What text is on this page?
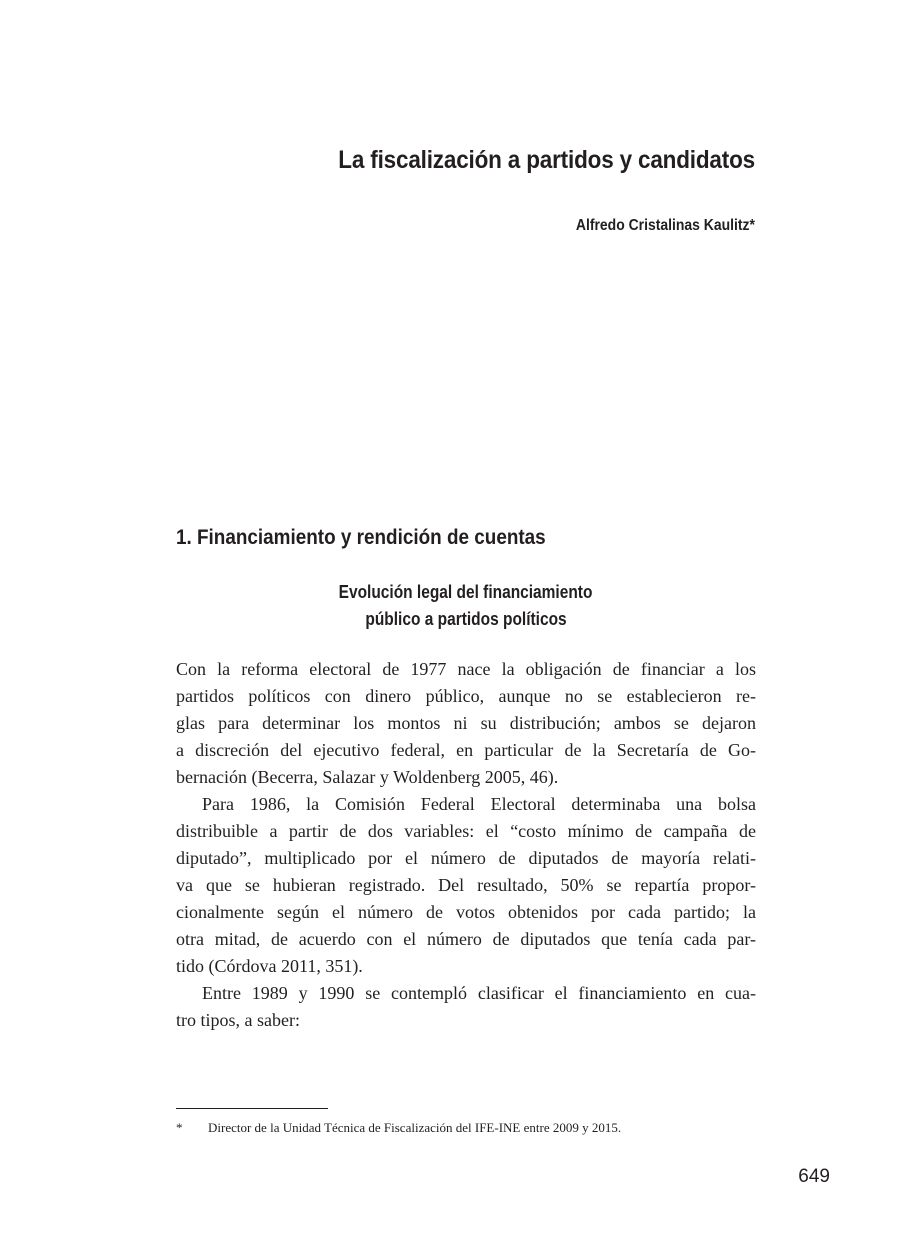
La fiscalización a partidos y candidatos

Alfredo Cristalinas Kaulitz*

1. Financiamiento y rendición de cuentas
Evolución legal del financiamiento
público a partidos políticos
Con la reforma electoral de 1977 nace la obligación de financiar a los
partidos políticos con dinero público, aunque no se establecieron re-
glas para determinar los montos ni su distribución; ambos se dejaron
a discreción del ejecutivo federal, en particular de la Secretaría de Go-
bernación (Becerra, Salazar y Woldenberg 2005, 46).
Para 1986, la Comisión Federal Electoral determinaba una bolsa
distribuible a partir de dos variables: el “costo mínimo de campaña de
diputado”, multiplicado por el número de diputados de mayoría relati-
va que se hubieran registrado. Del resultado, 50% se repartía propor-
cionalmente según el número de votos obtenidos por cada partido; la
otra mitad, de acuerdo con el número de diputados que tenía cada par-
tido (Córdova 2011, 351).
Entre 1989 y 1990 se contempló clasificar el financiamiento en cua-
tro tipos, a saber:
* Director de la Unidad Técnica de Fiscalización del IFE-INE entre 2009 y 2015.

649
